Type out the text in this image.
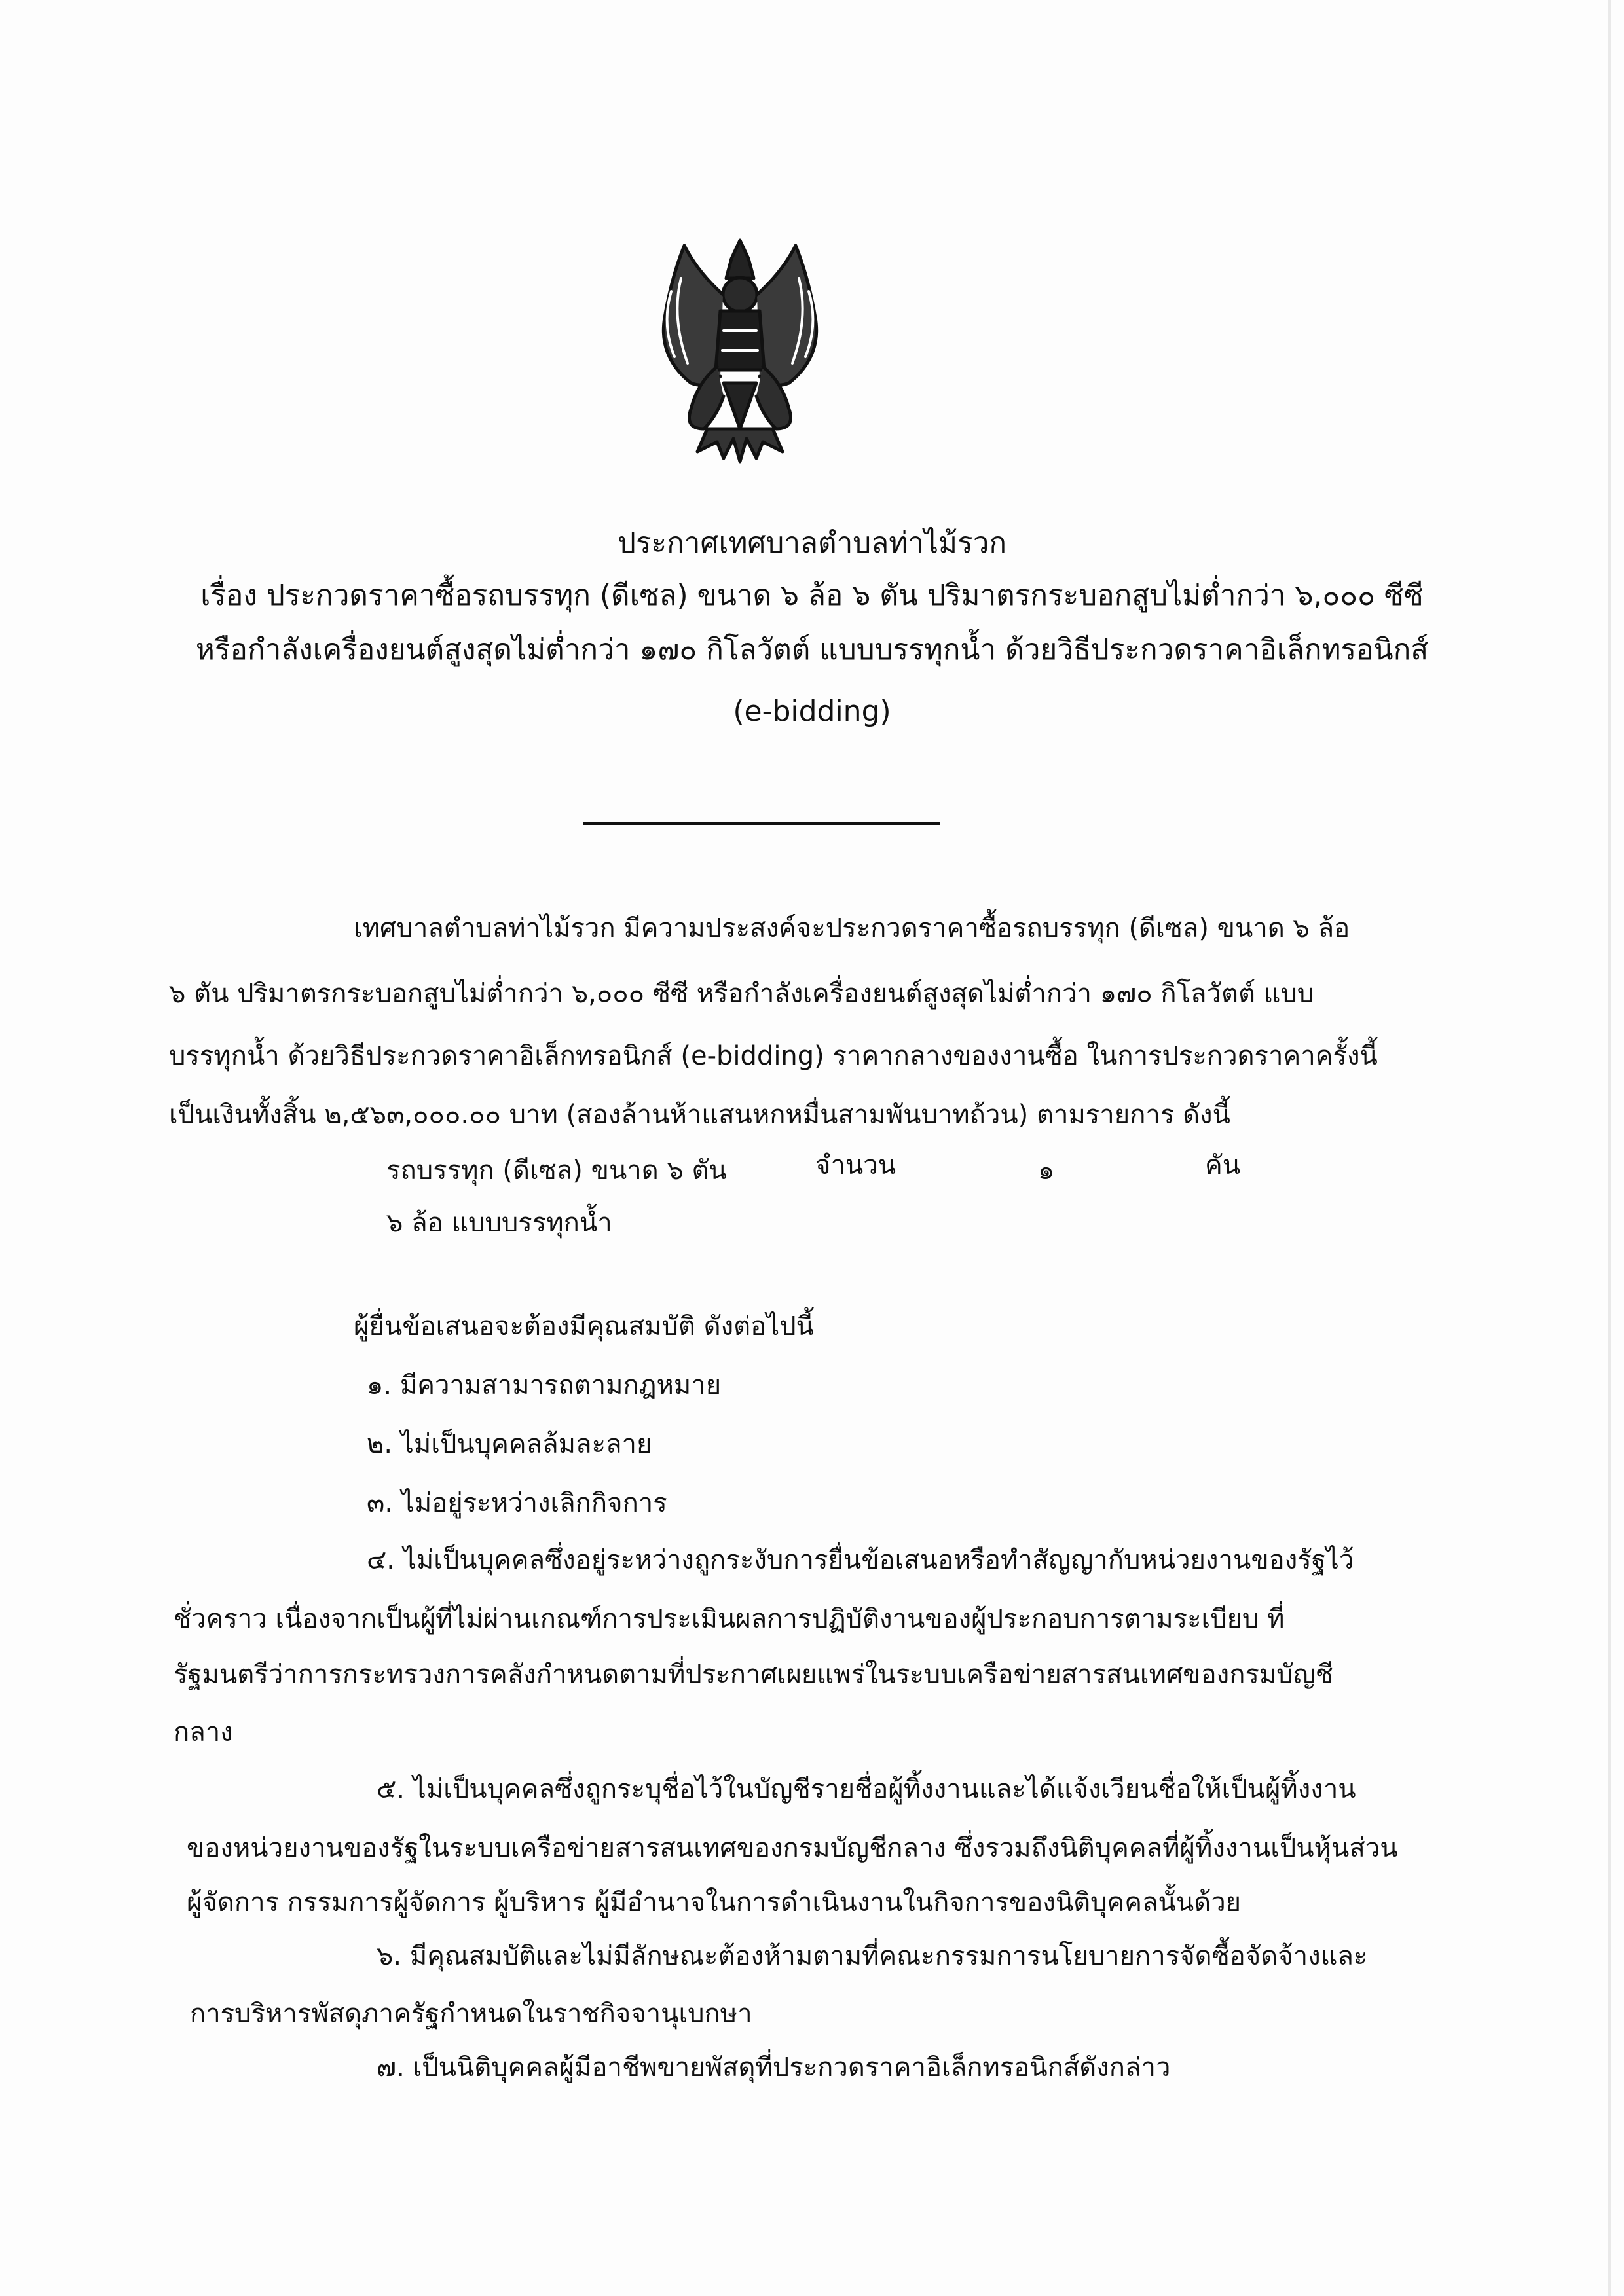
ประกาศเทศบาลตำบลท่าไม้รวก
เรื่อง ประกวดราคาซื้อรถบรรทุก (ดีเซล) ขนาด ๖ ล้อ ๖ ตัน ปริมาตรกระบอกสูบไม่ต่ำกว่า ๖,๐๐๐ ซีซี
หรือกำลังเครื่องยนต์สูงสุดไม่ต่ำกว่า ๑๗๐ กิโลวัตต์ แบบบรรทุกน้ำ ด้วยวิธีประกวดราคาอิเล็กทรอนิกส์
(e-bidding)
เทศบาลตำบลท่าไม้รวก มีความประสงค์จะประกวดราคาซื้อรถบรรทุก (ดีเซล) ขนาด ๖ ล้อ
๖ ตัน ปริมาตรกระบอกสูบไม่ต่ำกว่า ๖,๐๐๐ ซีซี หรือกำลังเครื่องยนต์สูงสุดไม่ต่ำกว่า ๑๗๐ กิโลวัตต์ แบบ
บรรทุกน้ำ ด้วยวิธีประกวดราคาอิเล็กทรอนิกส์ (e-bidding) ราคากลางของงานซื้อ ในการประกวดราคาครั้งนี้
เป็นเงินทั้งสิ้น ๒,๕๖๓,๐๐๐.๐๐ บาท (สองล้านห้าแสนหกหมื่นสามพันบาทถ้วน) ตามรายการ ดังนี้
รถบรรทุก (ดีเซล) ขนาด ๖ ตัน	จำนวน	๑	คัน
๖ ล้อ แบบบรรทุกน้ำ
ผู้ยื่นข้อเสนอจะต้องมีคุณสมบัติ ดังต่อไปนี้
๑. มีความสามารถตามกฎหมาย
๒. ไม่เป็นบุคคลล้มละลาย
๓. ไม่อยู่ระหว่างเลิกกิจการ
๔. ไม่เป็นบุคคลซึ่งอยู่ระหว่างถูกระงับการยื่นข้อเสนอหรือทำสัญญากับหน่วยงานของรัฐไว้
ชั่วคราว เนื่องจากเป็นผู้ที่ไม่ผ่านเกณฑ์การประเมินผลการปฏิบัติงานของผู้ประกอบการตามระเบียบ ที่
รัฐมนตรีว่าการกระทรวงการคลังกำหนดตามที่ประกาศเผยแพร่ในระบบเครือข่ายสารสนเทศของกรมบัญชี
กลาง
๕. ไม่เป็นบุคคลซึ่งถูกระบุชื่อไว้ในบัญชีรายชื่อผู้ทิ้งงานและได้แจ้งเวียนชื่อให้เป็นผู้ทิ้งงาน
ของหน่วยงานของรัฐในระบบเครือข่ายสารสนเทศของกรมบัญชีกลาง ซึ่งรวมถึงนิติบุคคลที่ผู้ทิ้งงานเป็นหุ้นส่วน
ผู้จัดการ กรรมการผู้จัดการ ผู้บริหาร ผู้มีอำนาจในการดำเนินงานในกิจการของนิติบุคคลนั้นด้วย
๖. มีคุณสมบัติและไม่มีลักษณะต้องห้ามตามที่คณะกรรมการนโยบายการจัดซื้อจัดจ้างและ
การบริหารพัสดุภาครัฐกำหนดในราชกิจจานุเบกษา
๗. เป็นนิติบุคคลผู้มีอาชีพขายพัสดุที่ประกวดราคาอิเล็กทรอนิกส์ดังกล่าว
